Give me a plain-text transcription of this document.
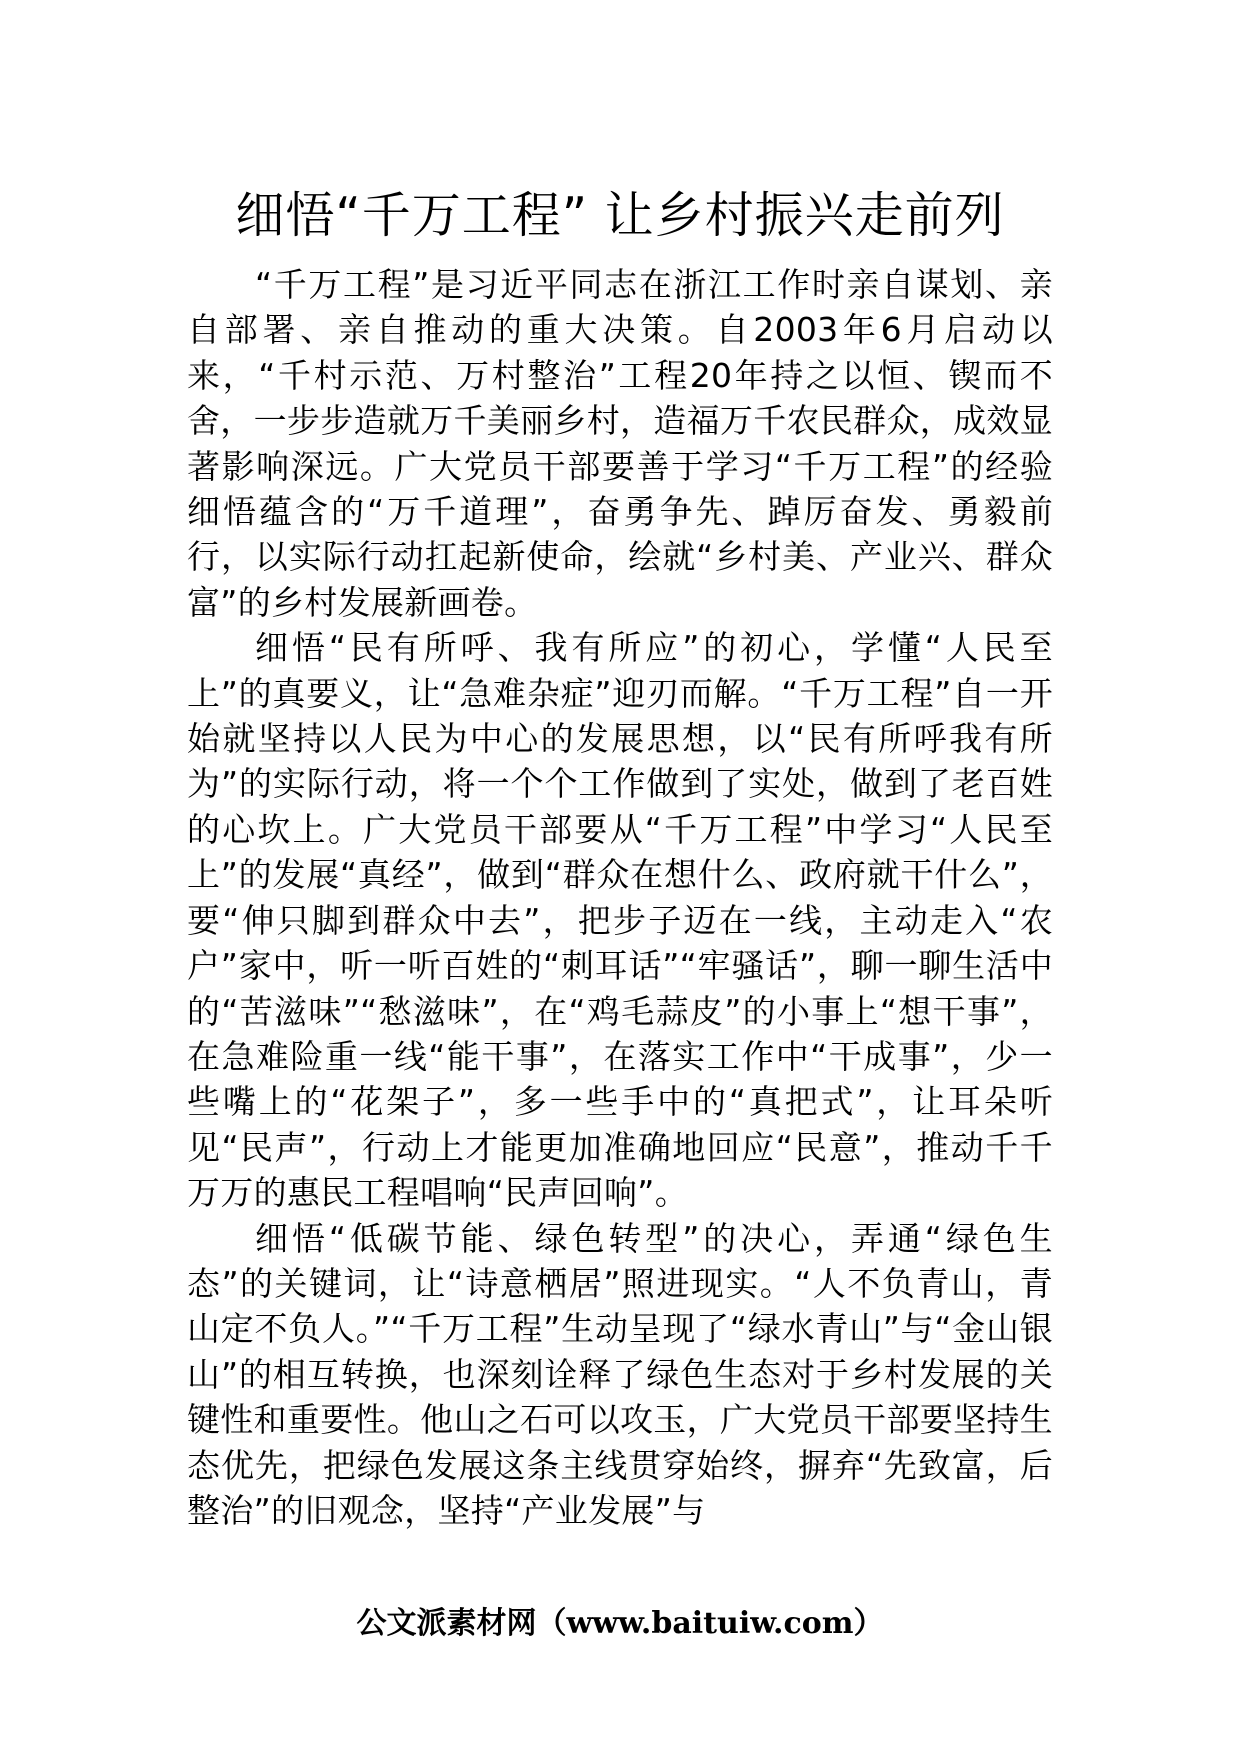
细悟“千万工程” 让乡村振兴走前列

“千万工程”是习近平同志在浙江工作时亲自谋划、亲自部署、亲自推动的重大决策。自2003年6月启动以来，“千村示范、万村整治”工程20年持之以恒、锲而不舍，一步步造就万千美丽乡村，造福万千农民群众，成效显著影响深远。广大党员干部要善于学习“千万工程”的经验细悟蕴含的“万千道理”，奋勇争先、踔厉奋发、勇毅前行，以实际行动扛起新使命，绘就“乡村美、产业兴、群众富”的乡村发展新画卷。

细悟“民有所呼、我有所应”的初心，学懂“人民至上”的真要义，让“急难杂症”迎刃而解。“千万工程”自一开始就坚持以人民为中心的发展思想，以“民有所呼我有所为”的实际行动，将一个个工作做到了实处，做到了老百姓的心坎上。广大党员干部要从“千万工程”中学习“人民至上”的发展“真经”，做到“群众在想什么、政府就干什么”，要“伸只脚到群众中去”，把步子迈在一线，主动走入“农户”家中，听一听百姓的“刺耳话”“牢骚话”，聊一聊生活中的“苦滋味”“愁滋味”，在“鸡毛蒜皮”的小事上“想干事”，在急难险重一线“能干事”，在落实工作中“干成事”，少一些嘴上的“花架子”，多一些手中的“真把式”，让耳朵听见“民声”，行动上才能更加准确地回应“民意”，推动千千万万的惠民工程唱响“民声回响”。

细悟“低碳节能、绿色转型”的决心，弄通“绿色生态”的关键词，让“诗意栖居”照进现实。“人不负青山，青山定不负人。”“千万工程”生动呈现了“绿水青山”与“金山银山”的相互转换，也深刻诠释了绿色生态对于乡村发展的关键性和重要性。他山之石可以攻玉，广大党员干部要坚持生态优先，把绿色发展这条主线贯穿始终，摒弃“先致富，后整治”的旧观念，坚持“产业发展”与

公文派素材网（www.baituiw.com）
